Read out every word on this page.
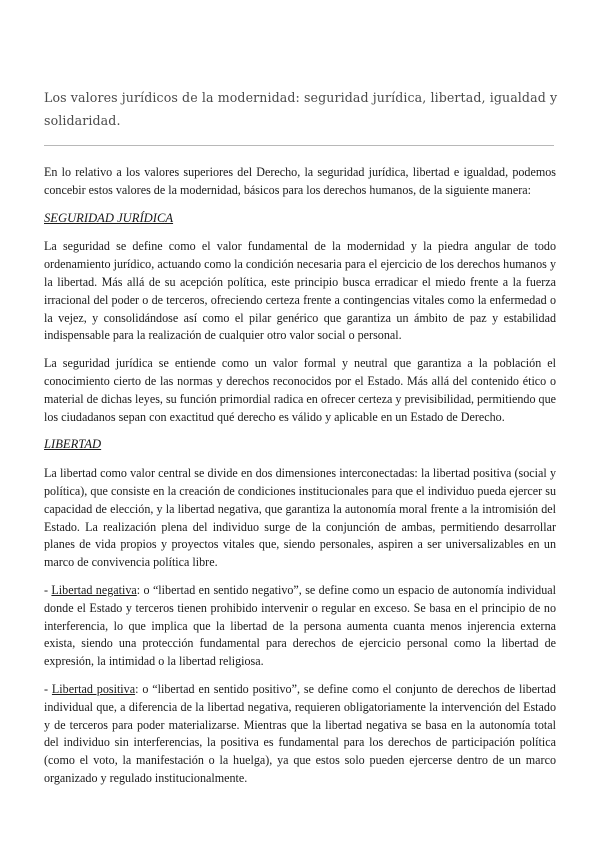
Los valores jurídicos de la modernidad: seguridad jurídica, libertad, igualdad y solidaridad.

En lo relativo a los valores superiores del Derecho, la seguridad jurídica, libertad e igualdad, podemos concebir estos valores de la modernidad, básicos para los derechos humanos, de la siguiente manera:

SEGURIDAD JURÍDICA

La seguridad se define como el valor fundamental de la modernidad y la piedra angular de todo ordenamiento jurídico, actuando como la condición necesaria para el ejercicio de los derechos humanos y la libertad. Más allá de su acepción política, este principio busca erradicar el miedo frente a la fuerza irracional del poder o de terceros, ofreciendo certeza frente a contingencias vitales como la enfermedad o la vejez, y consolidándose así como el pilar genérico que garantiza un ámbito de paz y estabilidad indispensable para la realización de cualquier otro valor social o personal.

La seguridad jurídica se entiende como un valor formal y neutral que garantiza a la población el conocimiento cierto de las normas y derechos reconocidos por el Estado. Más allá del contenido ético o material de dichas leyes, su función primordial radica en ofrecer certeza y previsibilidad, permitiendo que los ciudadanos sepan con exactitud qué derecho es válido y aplicable en un Estado de Derecho.

LIBERTAD

La libertad como valor central se divide en dos dimensiones interconectadas: la libertad positiva (social y política), que consiste en la creación de condiciones institucionales para que el individuo pueda ejercer su capacidad de elección, y la libertad negativa, que garantiza la autonomía moral frente a la intromisión del Estado. La realización plena del individuo surge de la conjunción de ambas, permitiendo desarrollar planes de vida propios y proyectos vitales que, siendo personales, aspiren a ser universalizables en un marco de convivencia política libre.

- Libertad negativa: o “libertad en sentido negativo”, se define como un espacio de autonomía individual donde el Estado y terceros tienen prohibido intervenir o regular en exceso. Se basa en el principio de no interferencia, lo que implica que la libertad de la persona aumenta cuanta menos injerencia externa exista, siendo una protección fundamental para derechos de ejercicio personal como la libertad de expresión, la intimidad o la libertad religiosa.

- Libertad positiva: o “libertad en sentido positivo”, se define como el conjunto de derechos de libertad individual que, a diferencia de la libertad negativa, requieren obligatoriamente la intervención del Estado y de terceros para poder materializarse. Mientras que la libertad negativa se basa en la autonomía total del individuo sin interferencias, la positiva es fundamental para los derechos de participación política (como el voto, la manifestación o la huelga), ya que estos solo pueden ejercerse dentro de un marco organizado y regulado institucionalmente.
